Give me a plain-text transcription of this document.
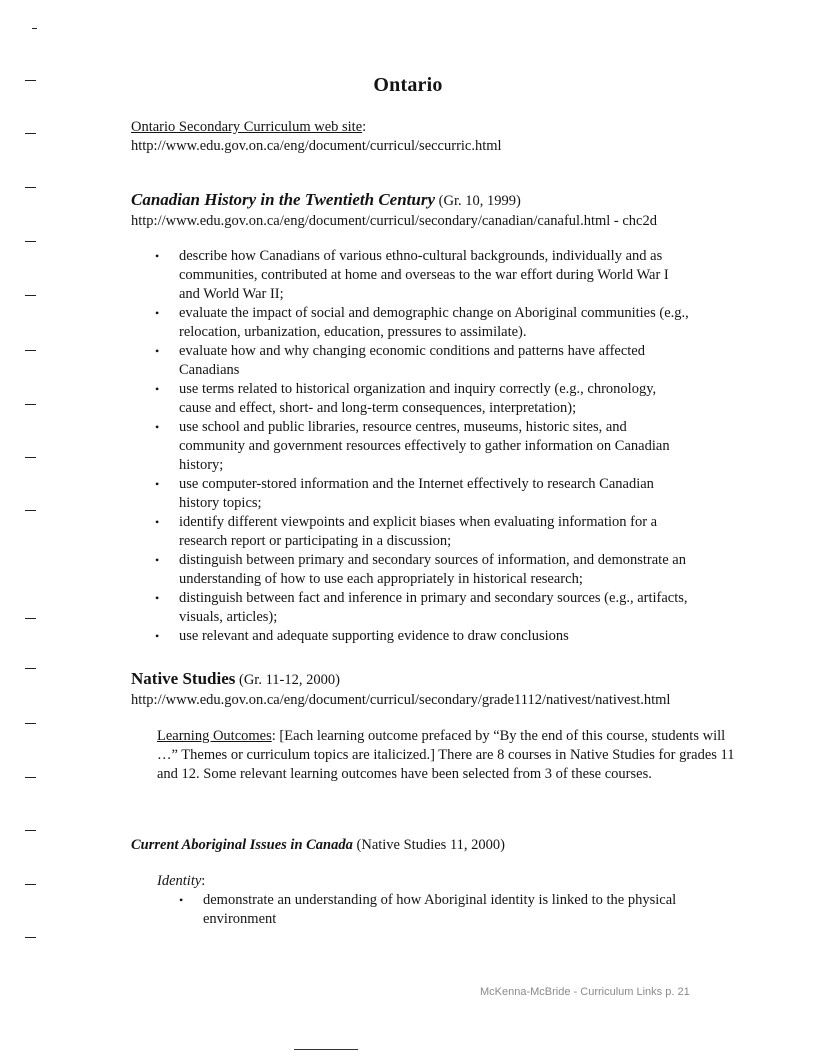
Ontario
Ontario Secondary Curriculum web site:
http://www.edu.gov.on.ca/eng/document/curricul/seccurric.html
Canadian History in the Twentieth Century (Gr. 10, 1999)
http://www.edu.gov.on.ca/eng/document/curricul/secondary/canadian/canaful.html - chc2d
• describe how Canadians of various ethno-cultural backgrounds, individually and as communities, contributed at home and overseas to the war effort during World War I and World War II;
• evaluate the impact of social and demographic change on Aboriginal communities (e.g., relocation, urbanization, education, pressures to assimilate).
• evaluate how and why changing economic conditions and patterns have affected Canadians
• use terms related to historical organization and inquiry correctly (e.g., chronology, cause and effect, short- and long-term consequences, interpretation);
• use school and public libraries, resource centres, museums, historic sites, and community and government resources effectively to gather information on Canadian history;
• use computer-stored information and the Internet effectively to research Canadian history topics;
• identify different viewpoints and explicit biases when evaluating information for a research report or participating in a discussion;
• distinguish between primary and secondary sources of information, and demonstrate an understanding of how to use each appropriately in historical research;
• distinguish between fact and inference in primary and secondary sources (e.g., artifacts, visuals, articles);
• use relevant and adequate supporting evidence to draw conclusions
Native Studies (Gr. 11-12, 2000)
http://www.edu.gov.on.ca/eng/document/curricul/secondary/grade1112/nativest/nativest.html
Learning Outcomes: [Each learning outcome prefaced by “By the end of this course, students will …” Themes or curriculum topics are italicized.] There are 8 courses in Native Studies for grades 11 and 12. Some relevant learning outcomes have been selected from 3 of these courses.
Current Aboriginal Issues in Canada (Native Studies 11, 2000)
Identity:
• demonstrate an understanding of how Aboriginal identity is linked to the physical environment
McKenna-McBride - Curriculum Links p. 21
